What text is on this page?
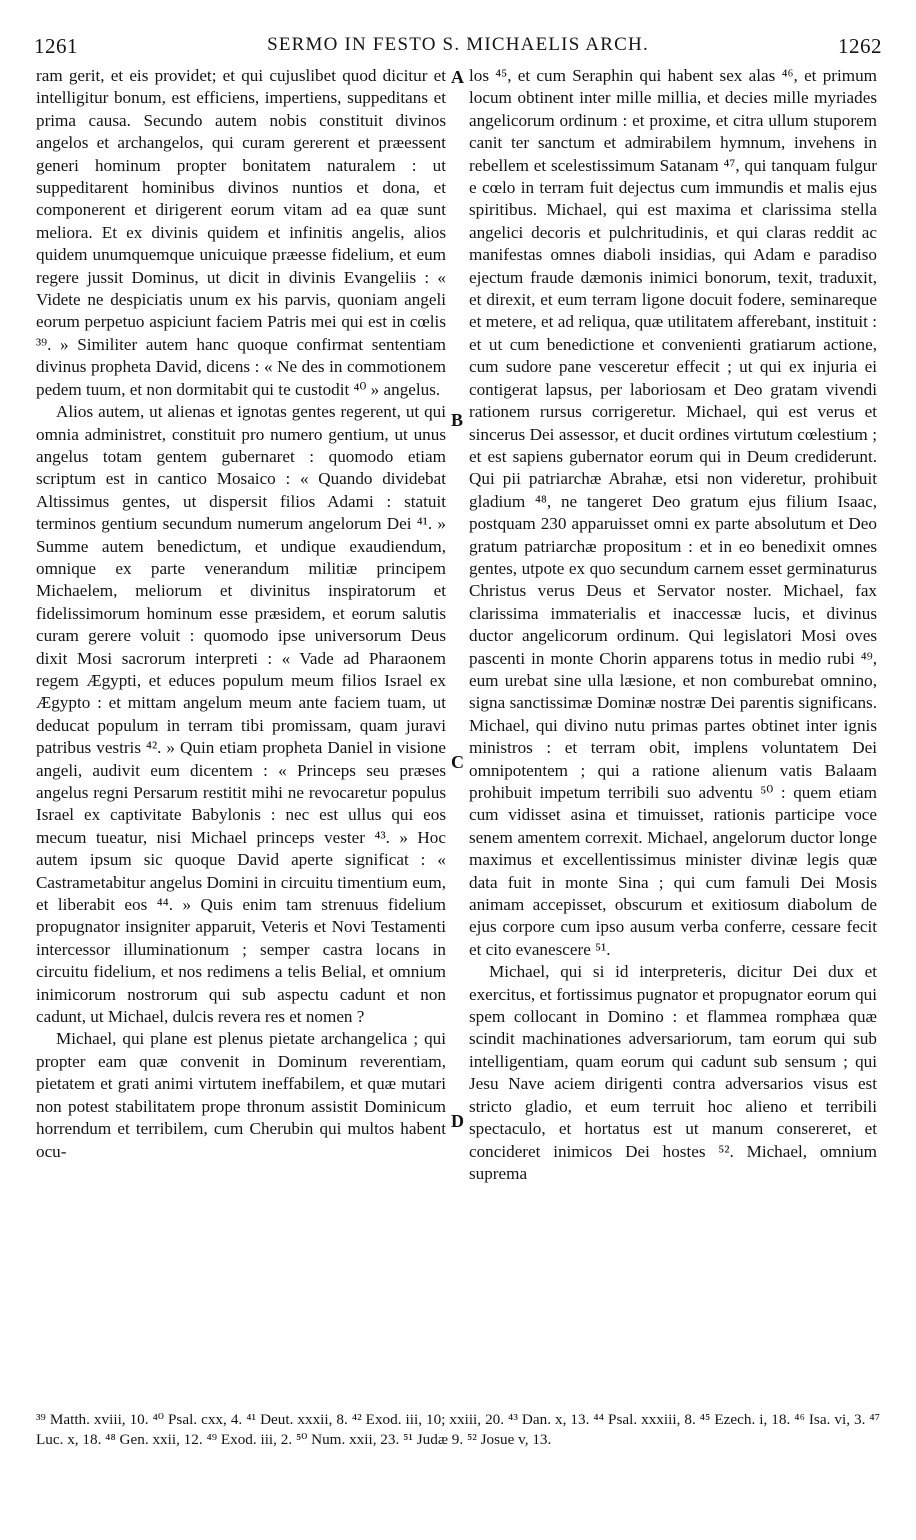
1261	SERMO IN FESTO S. MICHAELIS ARCH.	1262

ram gerit, et eis providet; et qui cujuslibet quod dicitur et intelligitur bonum, est efficiens, impertiens, suppeditans et prima causa. Secundo autem nobis constituit divinos angelos et archangelos, qui curam gererent et præessent generi hominum propter bonitatem naturalem : ut suppeditarent hominibus divinos nuntios et dona, et componerent et dirigerent eorum vitam ad ea quæ sunt meliora. Et ex divinis quidem et infinitis angelis, alios quidem unumquemque unicuique præesse fidelium, et eum regere jussit Dominus, ut dicit in divinis Evangeliis : « Videte ne despiciatis unum ex his parvis, quoniam angeli eorum perpetuo aspiciunt faciem Patris mei qui est in cœlis ³⁹. » Similiter autem hanc quoque confirmat sententiam divinus propheta David, dicens : « Ne des in commotionem pedem tuum, et non dormitabit qui te custodit ⁴⁰ » angelus.

Alios autem, ut alienas et ignotas gentes regerent, ut qui omnia administret, constituit pro numero gentium, ut unus angelus totam gentem gubernaret : quomodo etiam scriptum est in cantico Mosaico : « Quando dividebat Altissimus gentes, ut dispersit filios Adami : statuit terminos gentium secundum numerum angelorum Dei ⁴¹. » Summe autem benedictum, et undique exaudiendum, omnique ex parte venerandum militiæ principem Michaelem, meliorum et divinitus inspiratorum et fidelissimorum hominum esse præsidem, et eorum salutis curam gerere voluit : quomodo ipse universorum Deus dixit Mosi sacrorum interpreti : « Vade ad Pharaonem regem Ægypti, et educes populum meum filios Israel ex Ægypto : et mittam angelum meum ante faciem tuam, ut deducat populum in terram tibi promissam, quam juravi patribus vestris ⁴². » Quin etiam propheta Daniel in visione angeli, audivit eum dicentem : « Princeps seu præses angelus regni Persarum restitit mihi ne revocaretur populus Israel ex captivitate Babylonis : nec est ullus qui eos mecum tueatur, nisi Michael princeps vester ⁴³. » Hoc autem ipsum sic quoque David aperte significat : « Castrametabitur angelus Domini in circuitu timentium eum, et liberabit eos ⁴⁴. » Quis enim tam strenuus fidelium propugnator insigniter apparuit, Veteris et Novi Testamenti intercessor illuminationum ; semper castra locans in circuitu fidelium, et nos redimens a telis Belial, et omnium inimicorum nostrorum qui sub aspectu cadunt et non cadunt, ut Michael, dulcis revera res et nomen ?

Michael, qui plane est plenus pietate archangelica ; qui propter eam quæ convenit in Dominum reverentiam, pietatem et grati animi virtutem ineffabilem, et quæ mutari non potest stabilitatem prope thronum assistit Dominicum horrendum et terribilem, cum Cherubin qui multos habent ocu-

A
B
C
D

los ⁴⁵, et cum Seraphin qui habent sex alas ⁴⁶, et primum locum obtinent inter mille millia, et decies mille myriades angelicorum ordinum : et proxime, et citra ullum stuporem canit ter sanctum et admirabilem hymnum, invehens in rebellem et scelestissimum Satanam ⁴⁷, qui tanquam fulgur e cœlo in terram fuit dejectus cum immundis et malis ejus spiritibus. Michael, qui est maxima et clarissima stella angelici decoris et pulchritudinis, et qui claras reddit ac manifestas omnes diaboli insidias, qui Adam e paradiso ejectum fraude dæmonis inimici bonorum, texit, traduxit, et direxit, et eum terram ligone docuit fodere, seminareque et metere, et ad reliqua, quæ utilitatem afferebant, instituit : et ut cum benedictione et convenienti gratiarum actione, cum sudore pane vesceretur effecit ; ut qui ex injuria ei contigerat lapsus, per laboriosam et Deo gratam vivendi rationem rursus corrigeretur. Michael, qui est verus et sincerus Dei assessor, et ducit ordines virtutum cœlestium ; et est sapiens gubernator eorum qui in Deum crediderunt. Qui pii patriarchæ Abrahæ, etsi non videretur, prohibuit gladium ⁴⁸, ne tangeret Deo gratum ejus filium Isaac, postquam 230 apparuisset omni ex parte absolutum et Deo gratum patriarchæ propositum : et in eo benedixit omnes gentes, utpote ex quo secundum carnem esset germinaturus Christus verus Deus et Servator noster. Michael, fax clarissima immaterialis et inaccessæ lucis, et divinus ductor angelicorum ordinum. Qui legislatori Mosi oves pascenti in monte Chorin apparens totus in medio rubi ⁴⁹, eum urebat sine ulla læsione, et non comburebat omnino, signa sanctissimæ Dominæ nostræ Dei parentis significans. Michael, qui divino nutu primas partes obtinet inter ignis ministros : et terram obit, implens voluntatem Dei omnipotentem ; qui a ratione alienum vatis Balaam prohibuit impetum terribili suo adventu ⁵⁰ : quem etiam cum vidisset asina et timuisset, rationis participe voce senem amentem correxit. Michael, angelorum ductor longe maximus et excellentissimus minister divinæ legis quæ data fuit in monte Sina ; qui cum famuli Dei Mosis animam accepisset, obscurum et exitiosum diabolum de ejus corpore cum ipso ausum verba conferre, cessare fecit et cito evanescere ⁵¹.

Michael, qui si id interpreteris, dicitur Dei dux et exercitus, et fortissimus pugnator et propugnator eorum qui spem collocant in Domino : et flammea romphæa quæ scindit machinationes adversariorum, tam eorum qui sub intelligentiam, quam eorum qui cadunt sub sensum ; qui Jesu Nave aciem dirigenti contra adversarios visus est stricto gladio, et eum terruit hoc alieno et terribili spectaculo, et hortatus est ut manum consereret, et concideret inimicos Dei hostes ⁵². Michael, omnium suprema

³⁹ Matth. xviii, 10. ⁴⁰ Psal. cxx, 4. ⁴¹ Deut. xxxii, 8. ⁴² Exod. iii, 10; xxiii, 20. ⁴³ Dan. x, 13. ⁴⁴ Psal. xxxiii, 8. ⁴⁵ Ezech. i, 18. ⁴⁶ Isa. vi, 3. ⁴⁷ Luc. x, 18. ⁴⁸ Gen. xxii, 12. ⁴⁹ Exod. iii, 2. ⁵⁰ Num. xxii, 23. ⁵¹ Judæ 9. ⁵² Josue v, 13.
